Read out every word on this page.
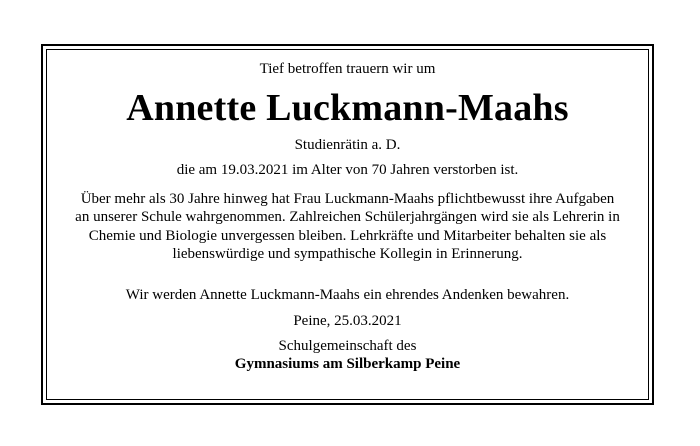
Tief betroffen trauern wir um
Annette Luckmann-Maahs
Studienrätin a. D.
die am 19.03.2021 im Alter von 70 Jahren verstorben ist.
Über mehr als 30 Jahre hinweg hat Frau Luckmann-Maahs pflichtbewusst ihre Aufgaben
an unserer Schule wahrgenommen. Zahlreichen Schülerjahrgängen wird sie als Lehrerin in
Chemie und Biologie unvergessen bleiben. Lehrkräfte und Mitarbeiter behalten sie als
liebenswürdige und sympathische Kollegin in Erinnerung.
Wir werden Annette Luckmann-Maahs ein ehrendes Andenken bewahren.
Peine, 25.03.2021
Schulgemeinschaft des
Gymnasiums am Silberkamp Peine
